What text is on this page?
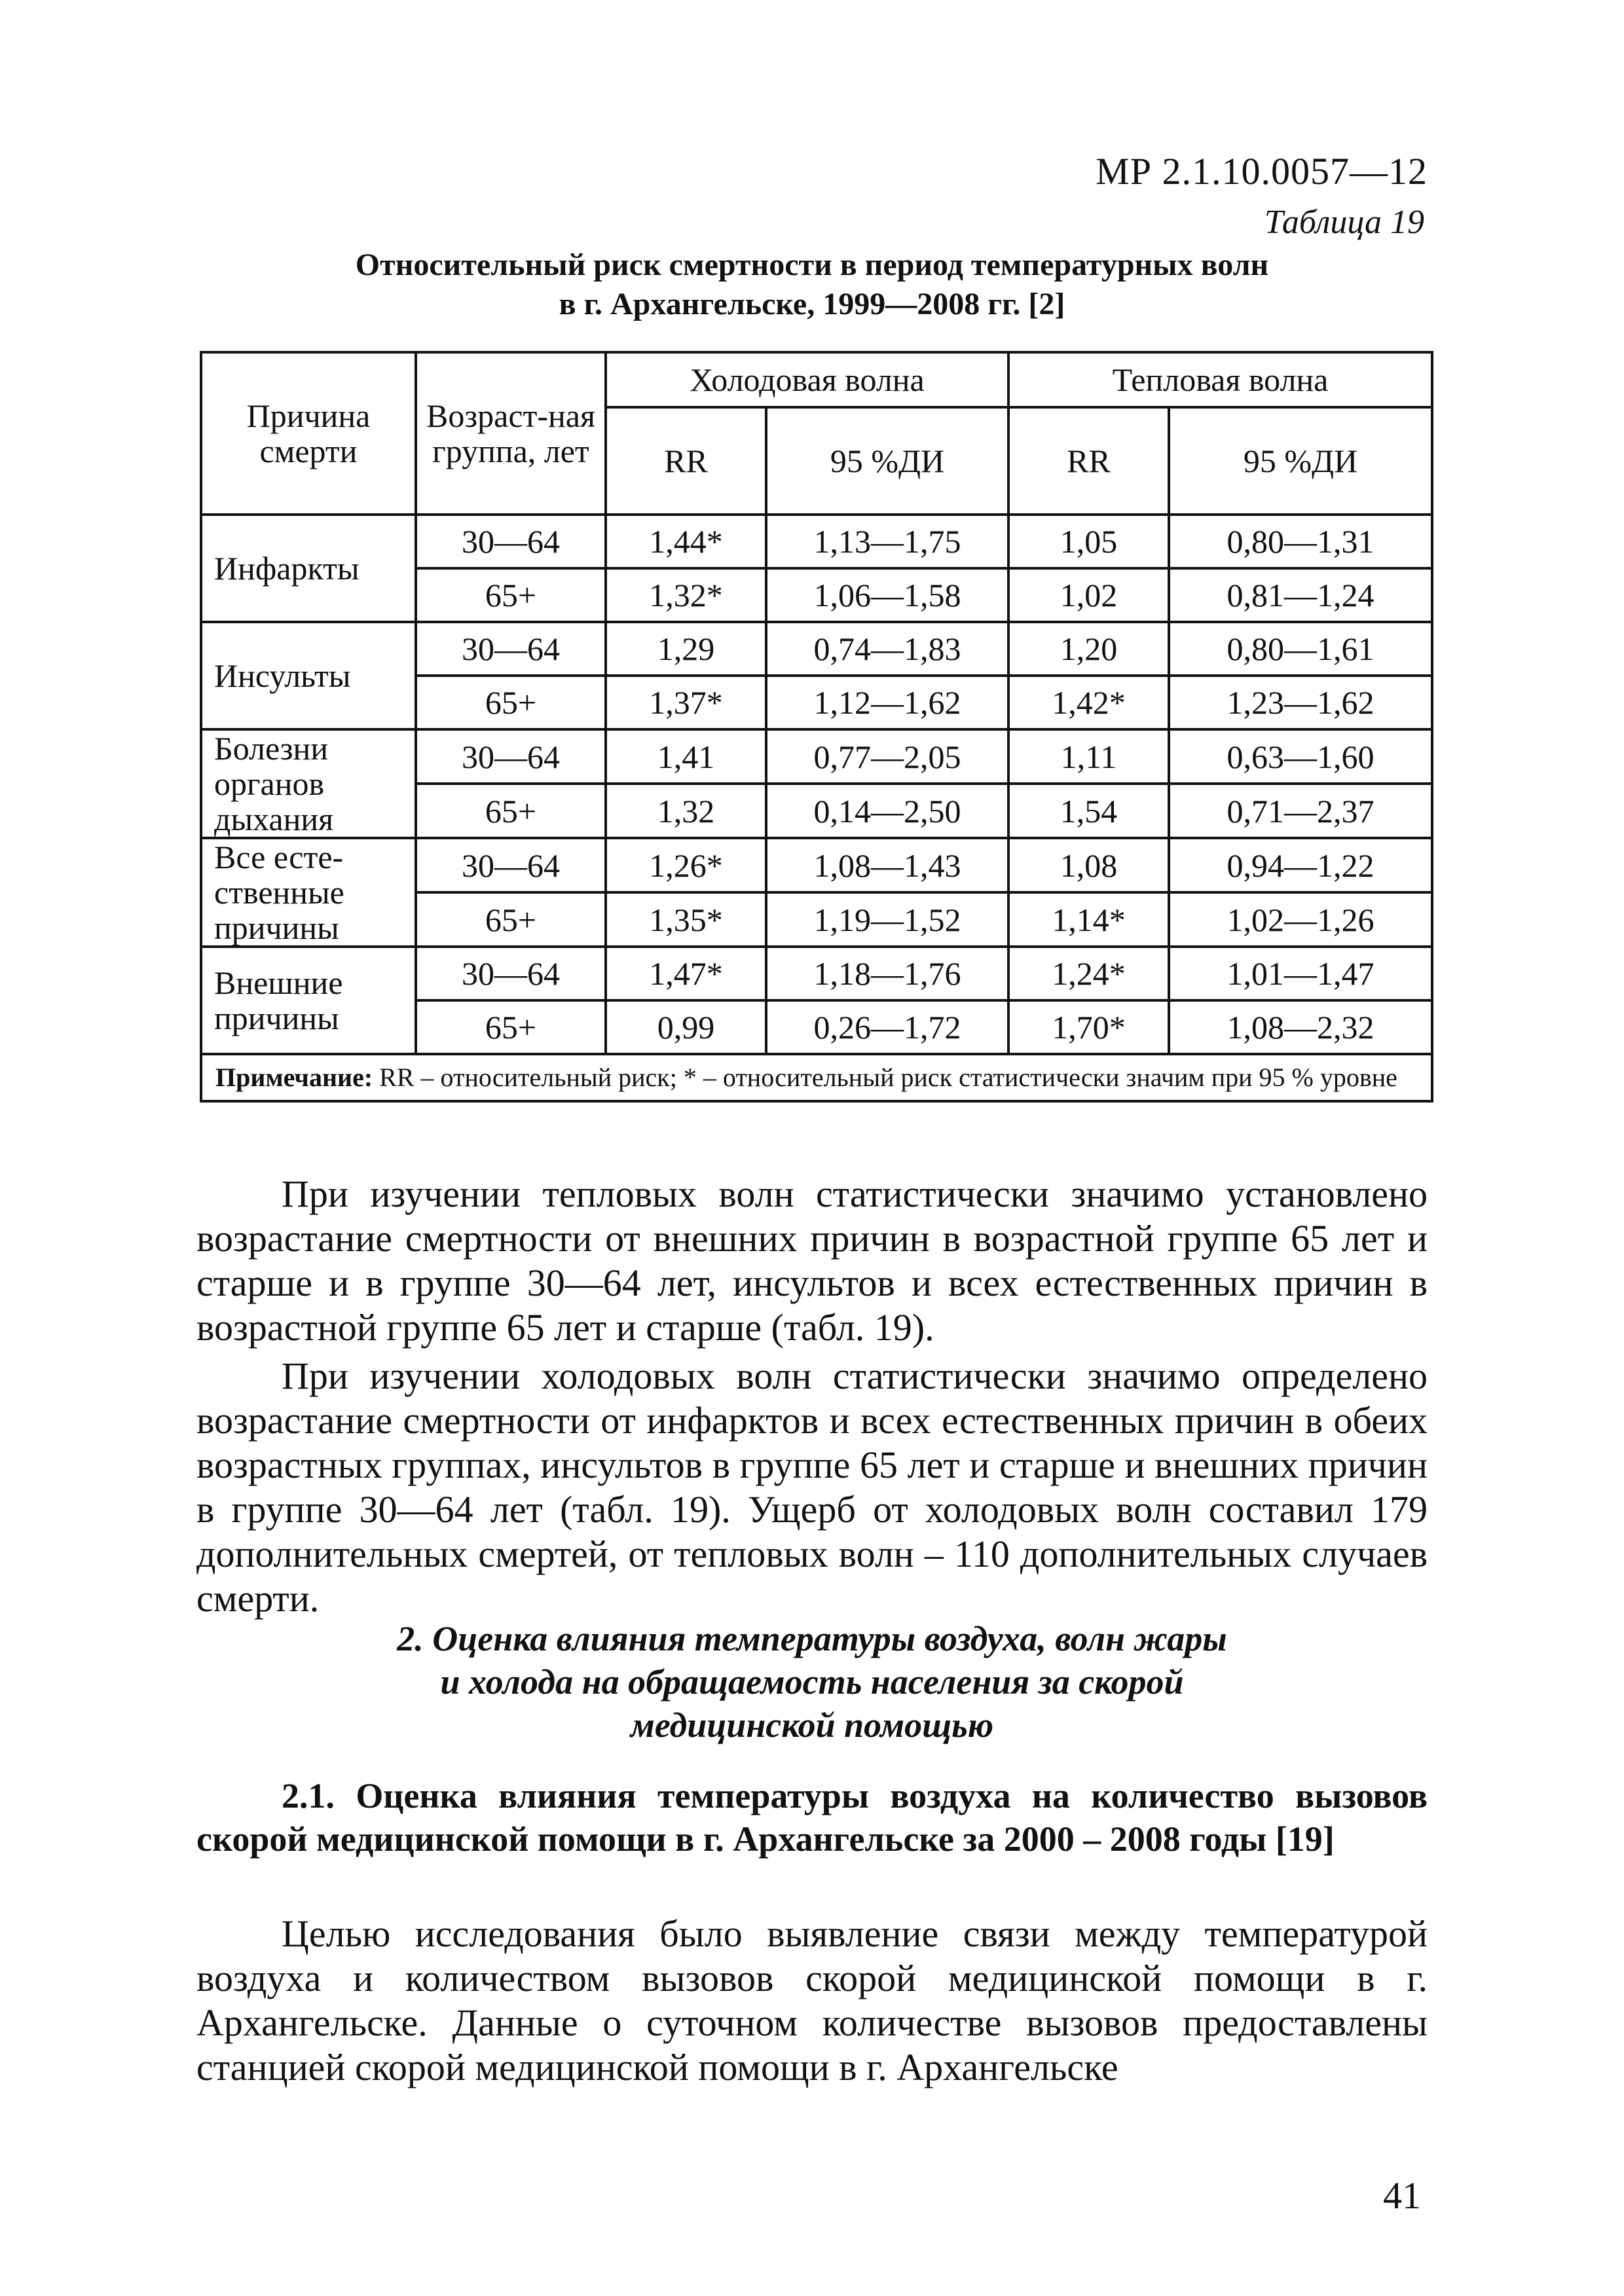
МР 2.1.10.0057—12
Таблица 19
Относительный риск смертности в период температурных волн
в г. Архангельске, 1999—2008 гг. [2]
Причина смерти	Возраст-ная группа, лет	Холодовая волна		Тепловая волна	
		RR	95 %ДИ	RR	95 %ДИ
Инфаркты	30—64	1,44*	1,13—1,75	1,05	0,80—1,31
	65+	1,32*	1,06—1,58	1,02	0,81—1,24
Инсульты	30—64	1,29	0,74—1,83	1,20	0,80—1,61
	65+	1,37*	1,12—1,62	1,42*	1,23—1,62
Болезни органов дыхания	30—64	1,41	0,77—2,05	1,11	0,63—1,60
	65+	1,32	0,14—2,50	1,54	0,71—2,37
Все есте-ственные причины	30—64	1,26*	1,08—1,43	1,08	0,94—1,22
	65+	1,35*	1,19—1,52	1,14*	1,02—1,26
Внешние причины	30—64	1,47*	1,18—1,76	1,24*	1,01—1,47
	65+	0,99	0,26—1,72	1,70*	1,08—2,32
Примечание: RR – относительный риск; * – относительный риск статистически значим при 95 % уровне					

При изучении тепловых волн статистически значимо установлено возрастание смертности от внешних причин в возрастной группе 65 лет и старше и в группе 30—64 лет, инсультов и всех естественных причин в возрастной группе 65 лет и старше (табл. 19).

При изучении холодовых волн статистически значимо определено возрастание смертности от инфарктов и всех естественных причин в обеих возрастных группах, инсультов в группе 65 лет и старше и внешних причин в группе 30—64 лет (табл. 19). Ущерб от холодовых волн составил 179 дополнительных смертей, от тепловых волн – 110 дополнительных случаев смерти.

2. Оценка влияния температуры воздуха, волн жары
и холода на обращаемость населения за скорой
медицинской помощью
2.1. Оценка влияния температуры воздуха на количество вызовов скорой медицинской помощи в г. Архангельске за 2000 – 2008 годы [19]

Целью исследования было выявление связи между температурой воздуха и количеством вызовов скорой медицинской помощи в г. Архангельске. Данные о суточном количестве вызовов предоставлены станцией скорой медицинской помощи в г. Архангельске

41
